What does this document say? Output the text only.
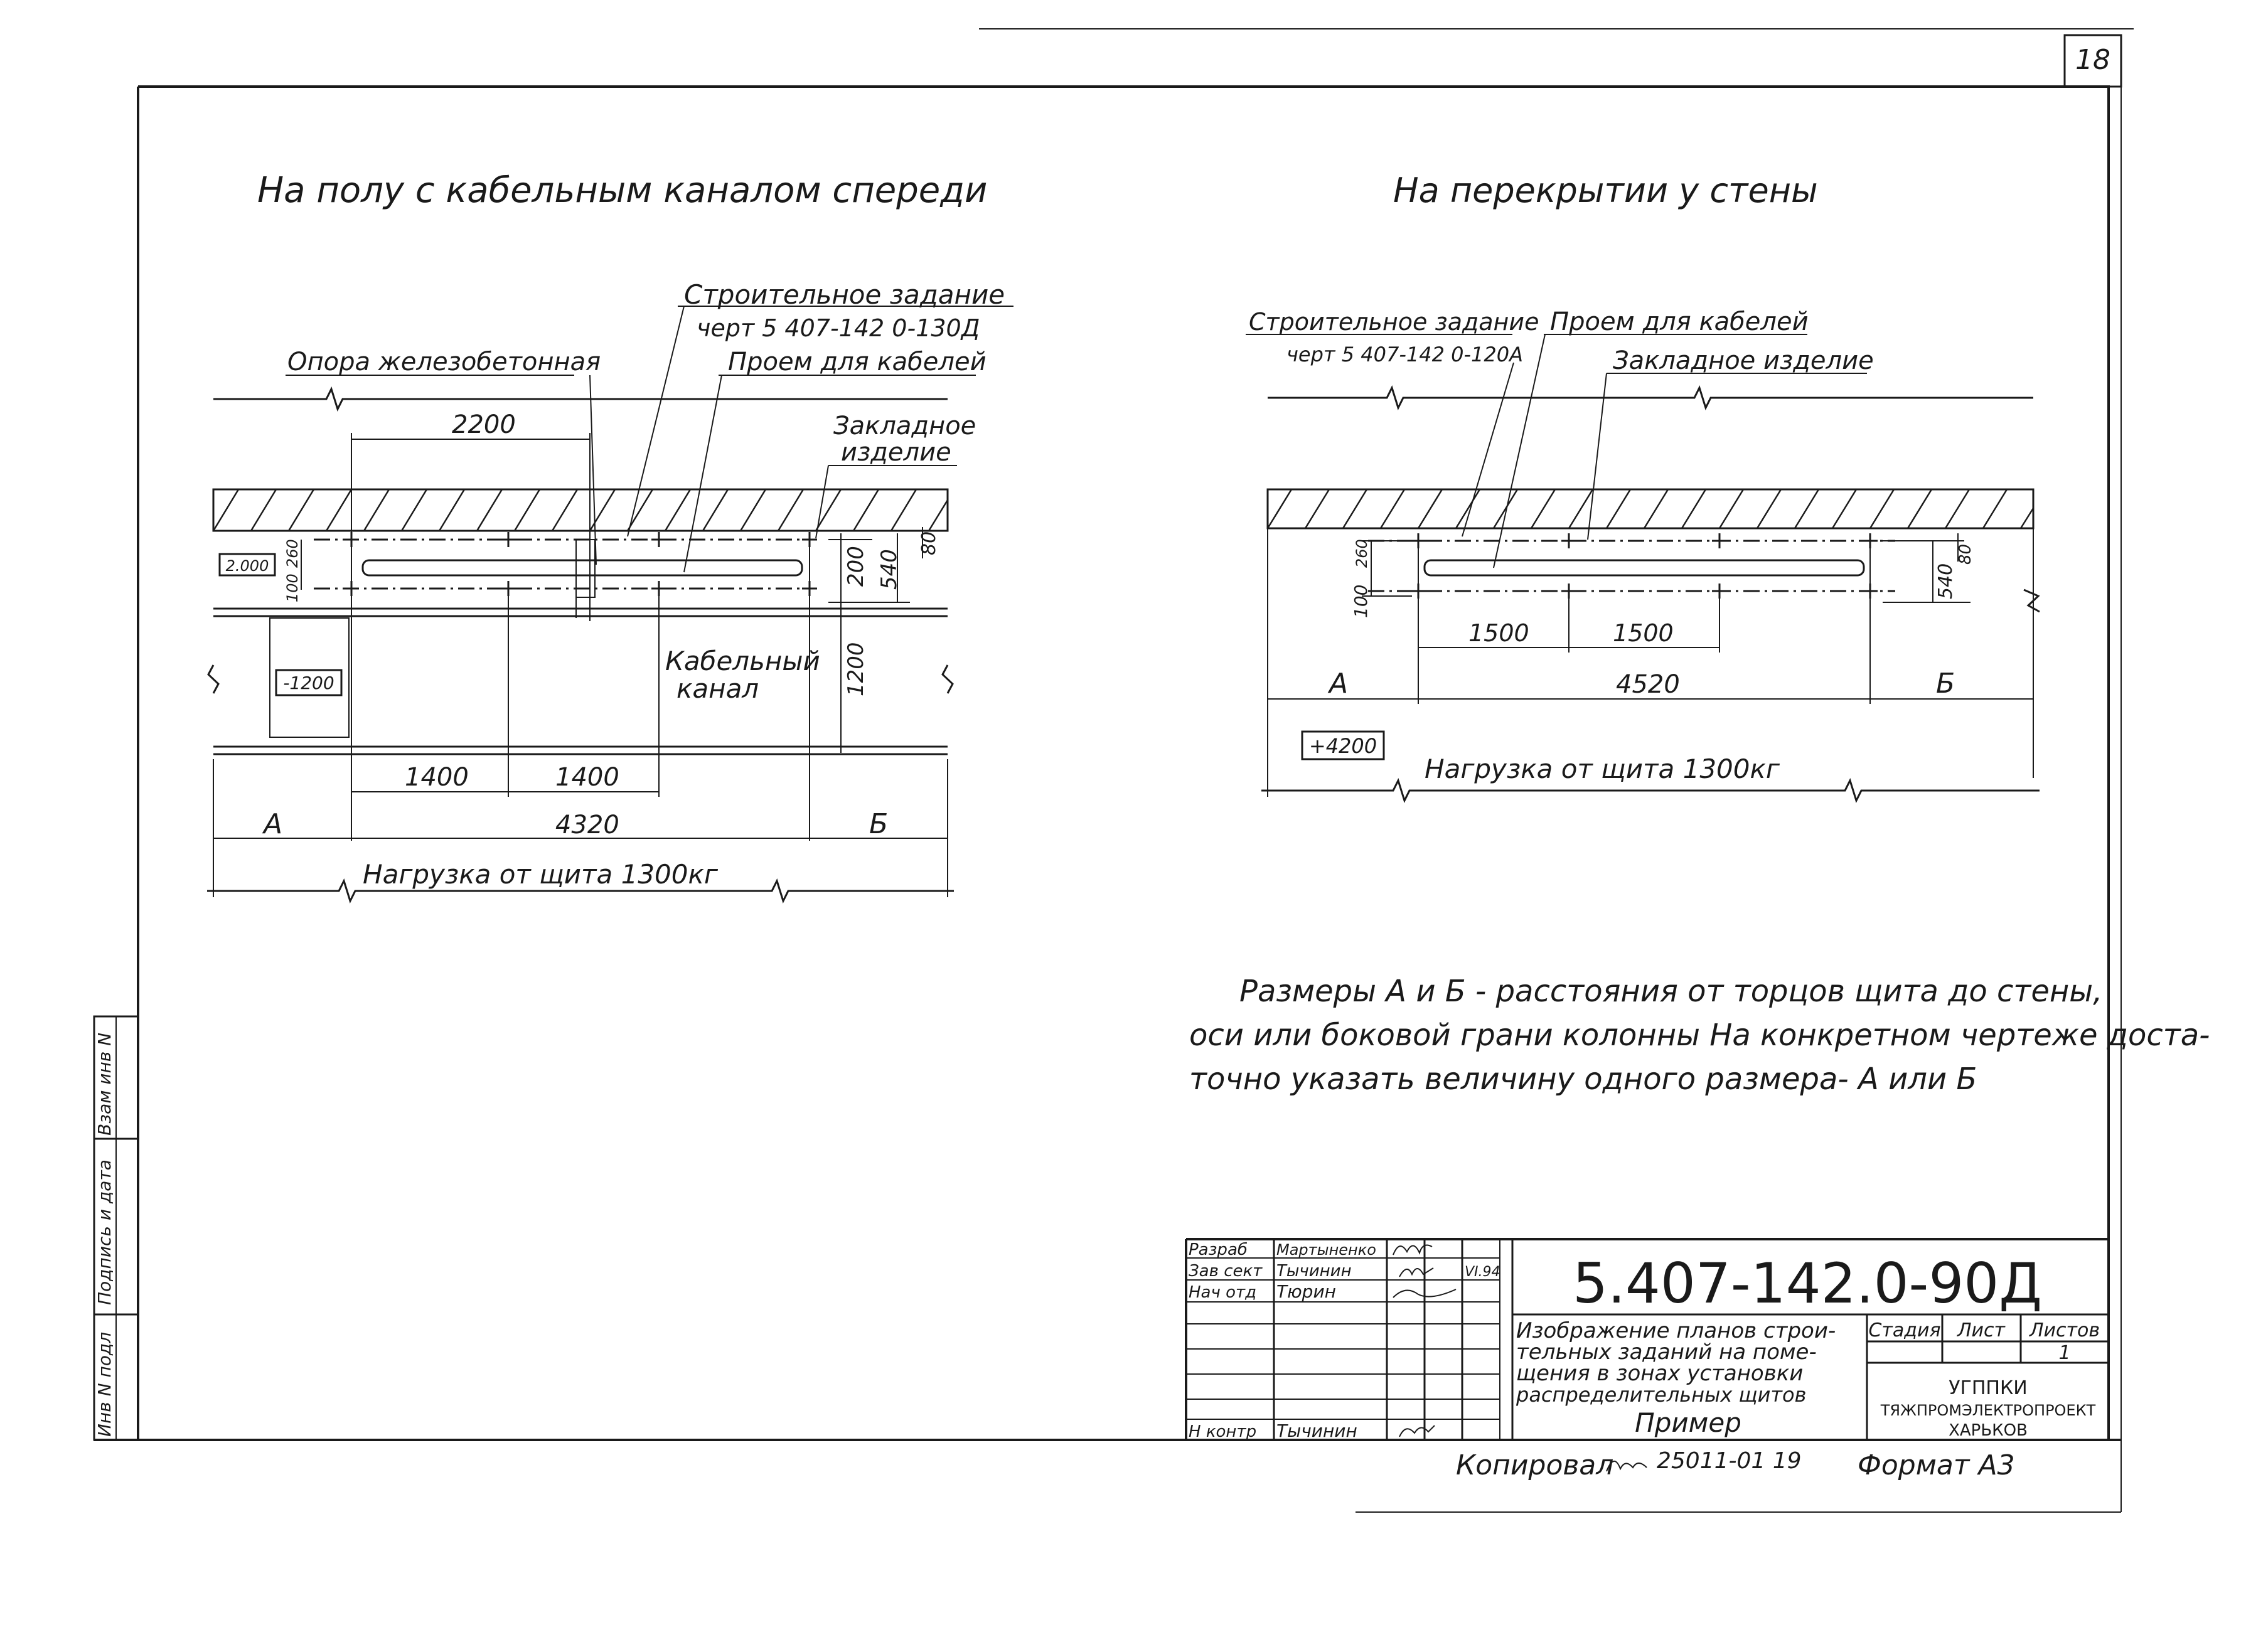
18
Инв N подл
Подпись и дата
Взам инв N
На полу с кабельным каналом спереди
Строительное задание
черт 5 407-142 0-130Д
Опора железобетонная	Проем для кабелей
Закладное
изделие
Кабельный
канал
Нагрузка от щита 1300кг
2.000
-1200
2200
1400	1400
4320
А	Б
260
100
200 540
80
1200
На перекрытии у стены
Строительное задание
черт 5 407-142 0-120А
Проем для кабелей
Закладное изделие
Нагрузка от щита 1300кг
+4200
1500	1500
4520
А	Б
260
100
540
80
Размеры А и Б - расстояния от торцов щита до стены,
оси или боковой грани колонны На конкретном чертеже доста-
точно указать величину одного размера- А или Б
5.407-142.0-90Д
Разраб Мартыненко
Зав сект Тычинин	VI.94
Нач отд Тюрин
Н контр Тычинин
Изображение планов строи-
тельных заданий на поме-
щения в зонах установки
распределительных щитов
Пример
Стадия Лист Листов
1
УГППКИ
ТЯЖПРОМЭЛЕКТРОПРОЕКТ
ХАРЬКОВ
Копировал 25011-01 19 Формат А3
